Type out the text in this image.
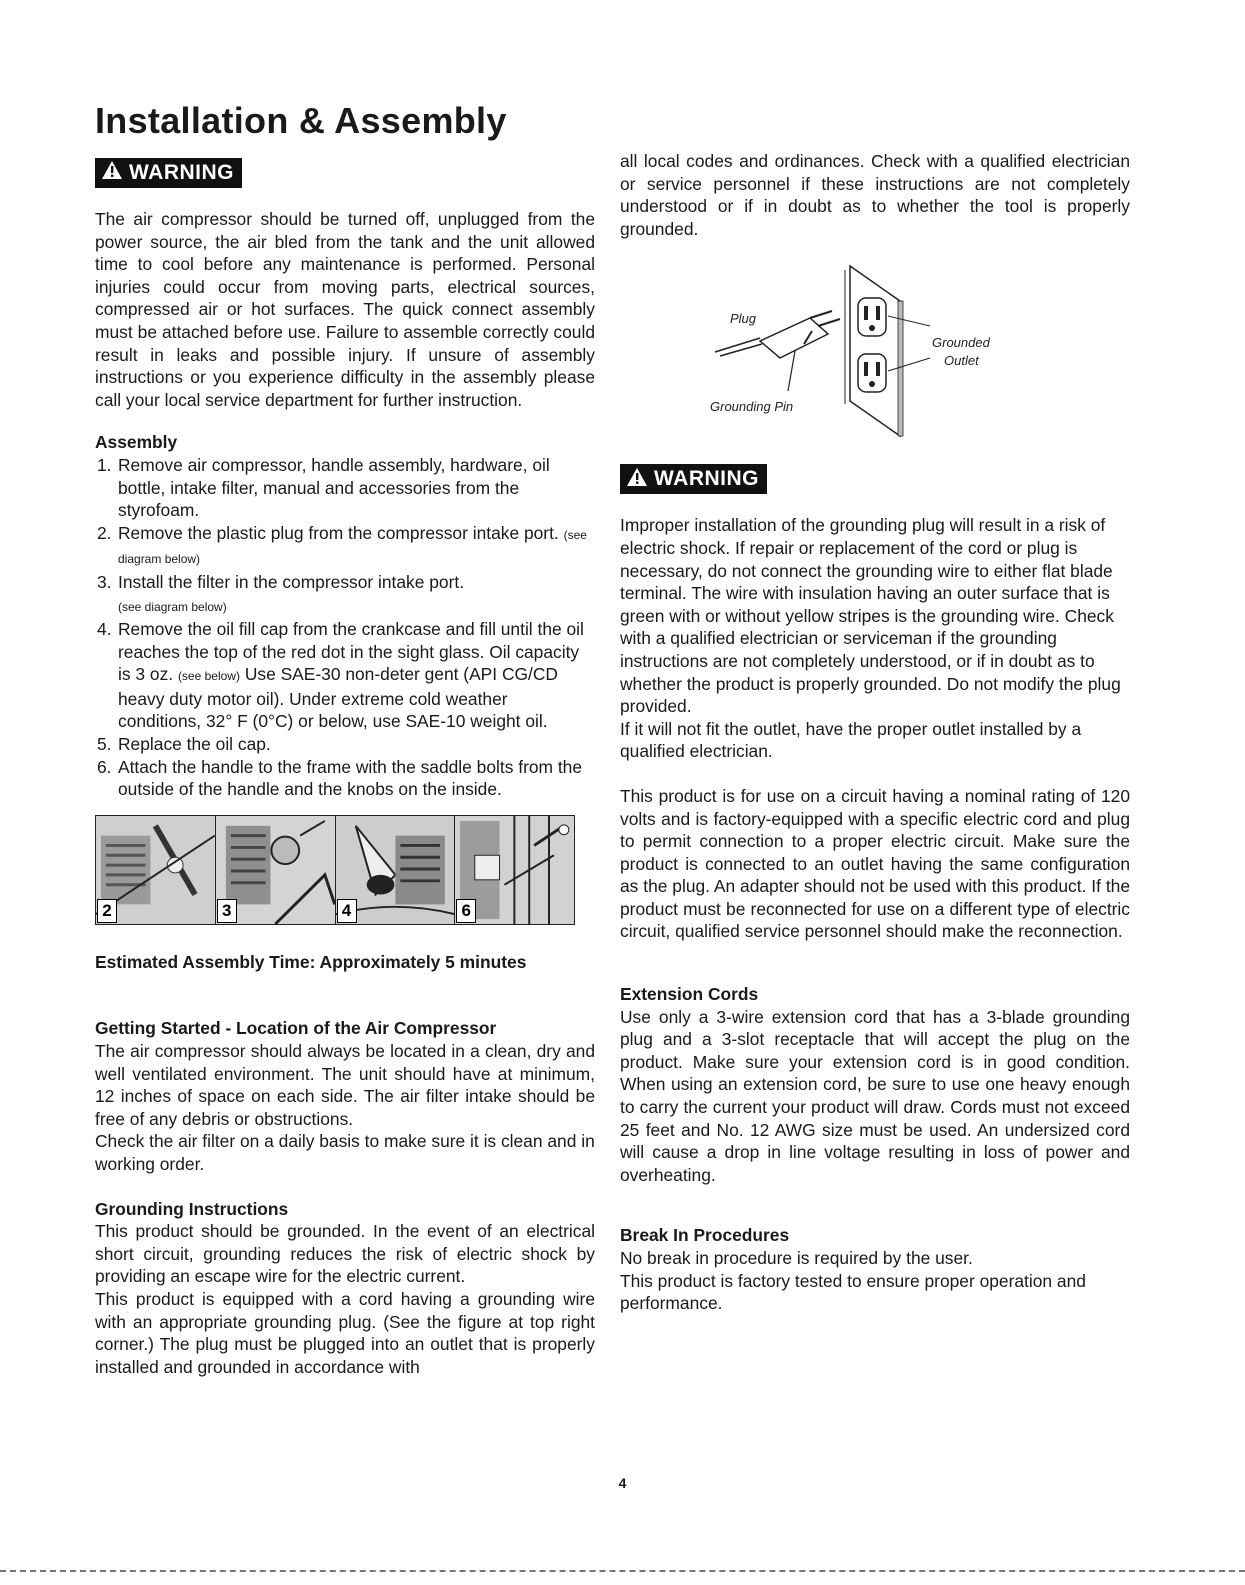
Installation & Assembly
WARNING

The air compressor should be turned off, unplugged from the power source, the air bled from the tank and the unit allowed time to cool before any maintenance is performed. Personal injuries could occur from moving parts, electrical sources, compressed air or hot surfaces. The quick connect assembly must be attached before use. Failure to assemble correctly could result in leaks and possible injury. If unsure of assembly instructions or you experience difficulty in the assembly please call your local service department for further instruction.

Assembly

1. Remove air compressor, handle assembly, hardware, oil bottle, intake filter, manual and accessories from the styrofoam.
2. Remove the plastic plug from the compressor intake port. (see diagram below)
3. Install the filter in the compressor intake port.
(see diagram below)
4. Remove the oil fill cap from the crankcase and fill until the oil reaches the top of the red dot in the sight glass. Oil capacity is 3 oz. (see below) Use SAE-30 non-deter gent (API CG/CD heavy duty motor oil). Under extreme cold weather conditions, 32° F (0°C) or below, use SAE-10 weight oil.
5. Replace the oil cap.
6. Attach the handle to the frame with the saddle bolts from the outside of the handle and the knobs on the inside.
2	3	4	6

Estimated Assembly Time: Approximately 5 minutes

Getting Started - Location of the Air Compressor

The air compressor should always be located in a clean, dry and well ventilated environment. The unit should have at minimum, 12 inches of space on each side. The air filter intake should be free of any debris or obstructions.

Check the air filter on a daily basis to make sure it is clean and in working order.

Grounding Instructions

This product should be grounded. In the event of an electrical short circuit, grounding reduces the risk of electric shock by providing an escape wire for the electric current.

This product is equipped with a cord having a grounding wire with an appropriate grounding plug. (See the figure at top right corner.) The plug must be plugged into an outlet that is properly installed and grounded in accordance with

all local codes and ordinances. Check with a qualified electrician or service personnel if these instructions are not completely understood or if in doubt as to whether the tool is properly grounded.

Plug
Grounding Pin
Grounded
Outlet
WARNING

Improper installation of the grounding plug will result in a risk of electric shock. If repair or replacement of the cord or plug is necessary, do not connect the grounding wire to either flat blade terminal. The wire with insulation having an outer surface that is green with or without yellow stripes is the grounding wire. Check with a qualified electrician or serviceman if the grounding instructions are not completely understood, or if in doubt as to whether the product is properly grounded. Do not modify the plug provided.

If it will not fit the outlet, have the proper outlet installed by a qualified electrician.

This product is for use on a circuit having a nominal rating of 120 volts and is factory-equipped with a specific electric cord and plug to permit connection to a proper electric circuit. Make sure the product is connected to an outlet having the same configuration as the plug. An adapter should not be used with this product. If the product must be reconnected for use on a different type of electric circuit, qualified service personnel should make the reconnection.

Extension Cords

Use only a 3-wire extension cord that has a 3-blade grounding plug and a 3-slot receptacle that will accept the plug on the product. Make sure your extension cord is in good condition. When using an extension cord, be sure to use one heavy enough to carry the current your product will draw. Cords must not exceed 25 feet and No. 12 AWG size must be used. An undersized cord will cause a drop in line voltage resulting in loss of power and overheating.

Break In Procedures

No break in procedure is required by the user.

This product is factory tested to ensure proper operation and performance.

4
